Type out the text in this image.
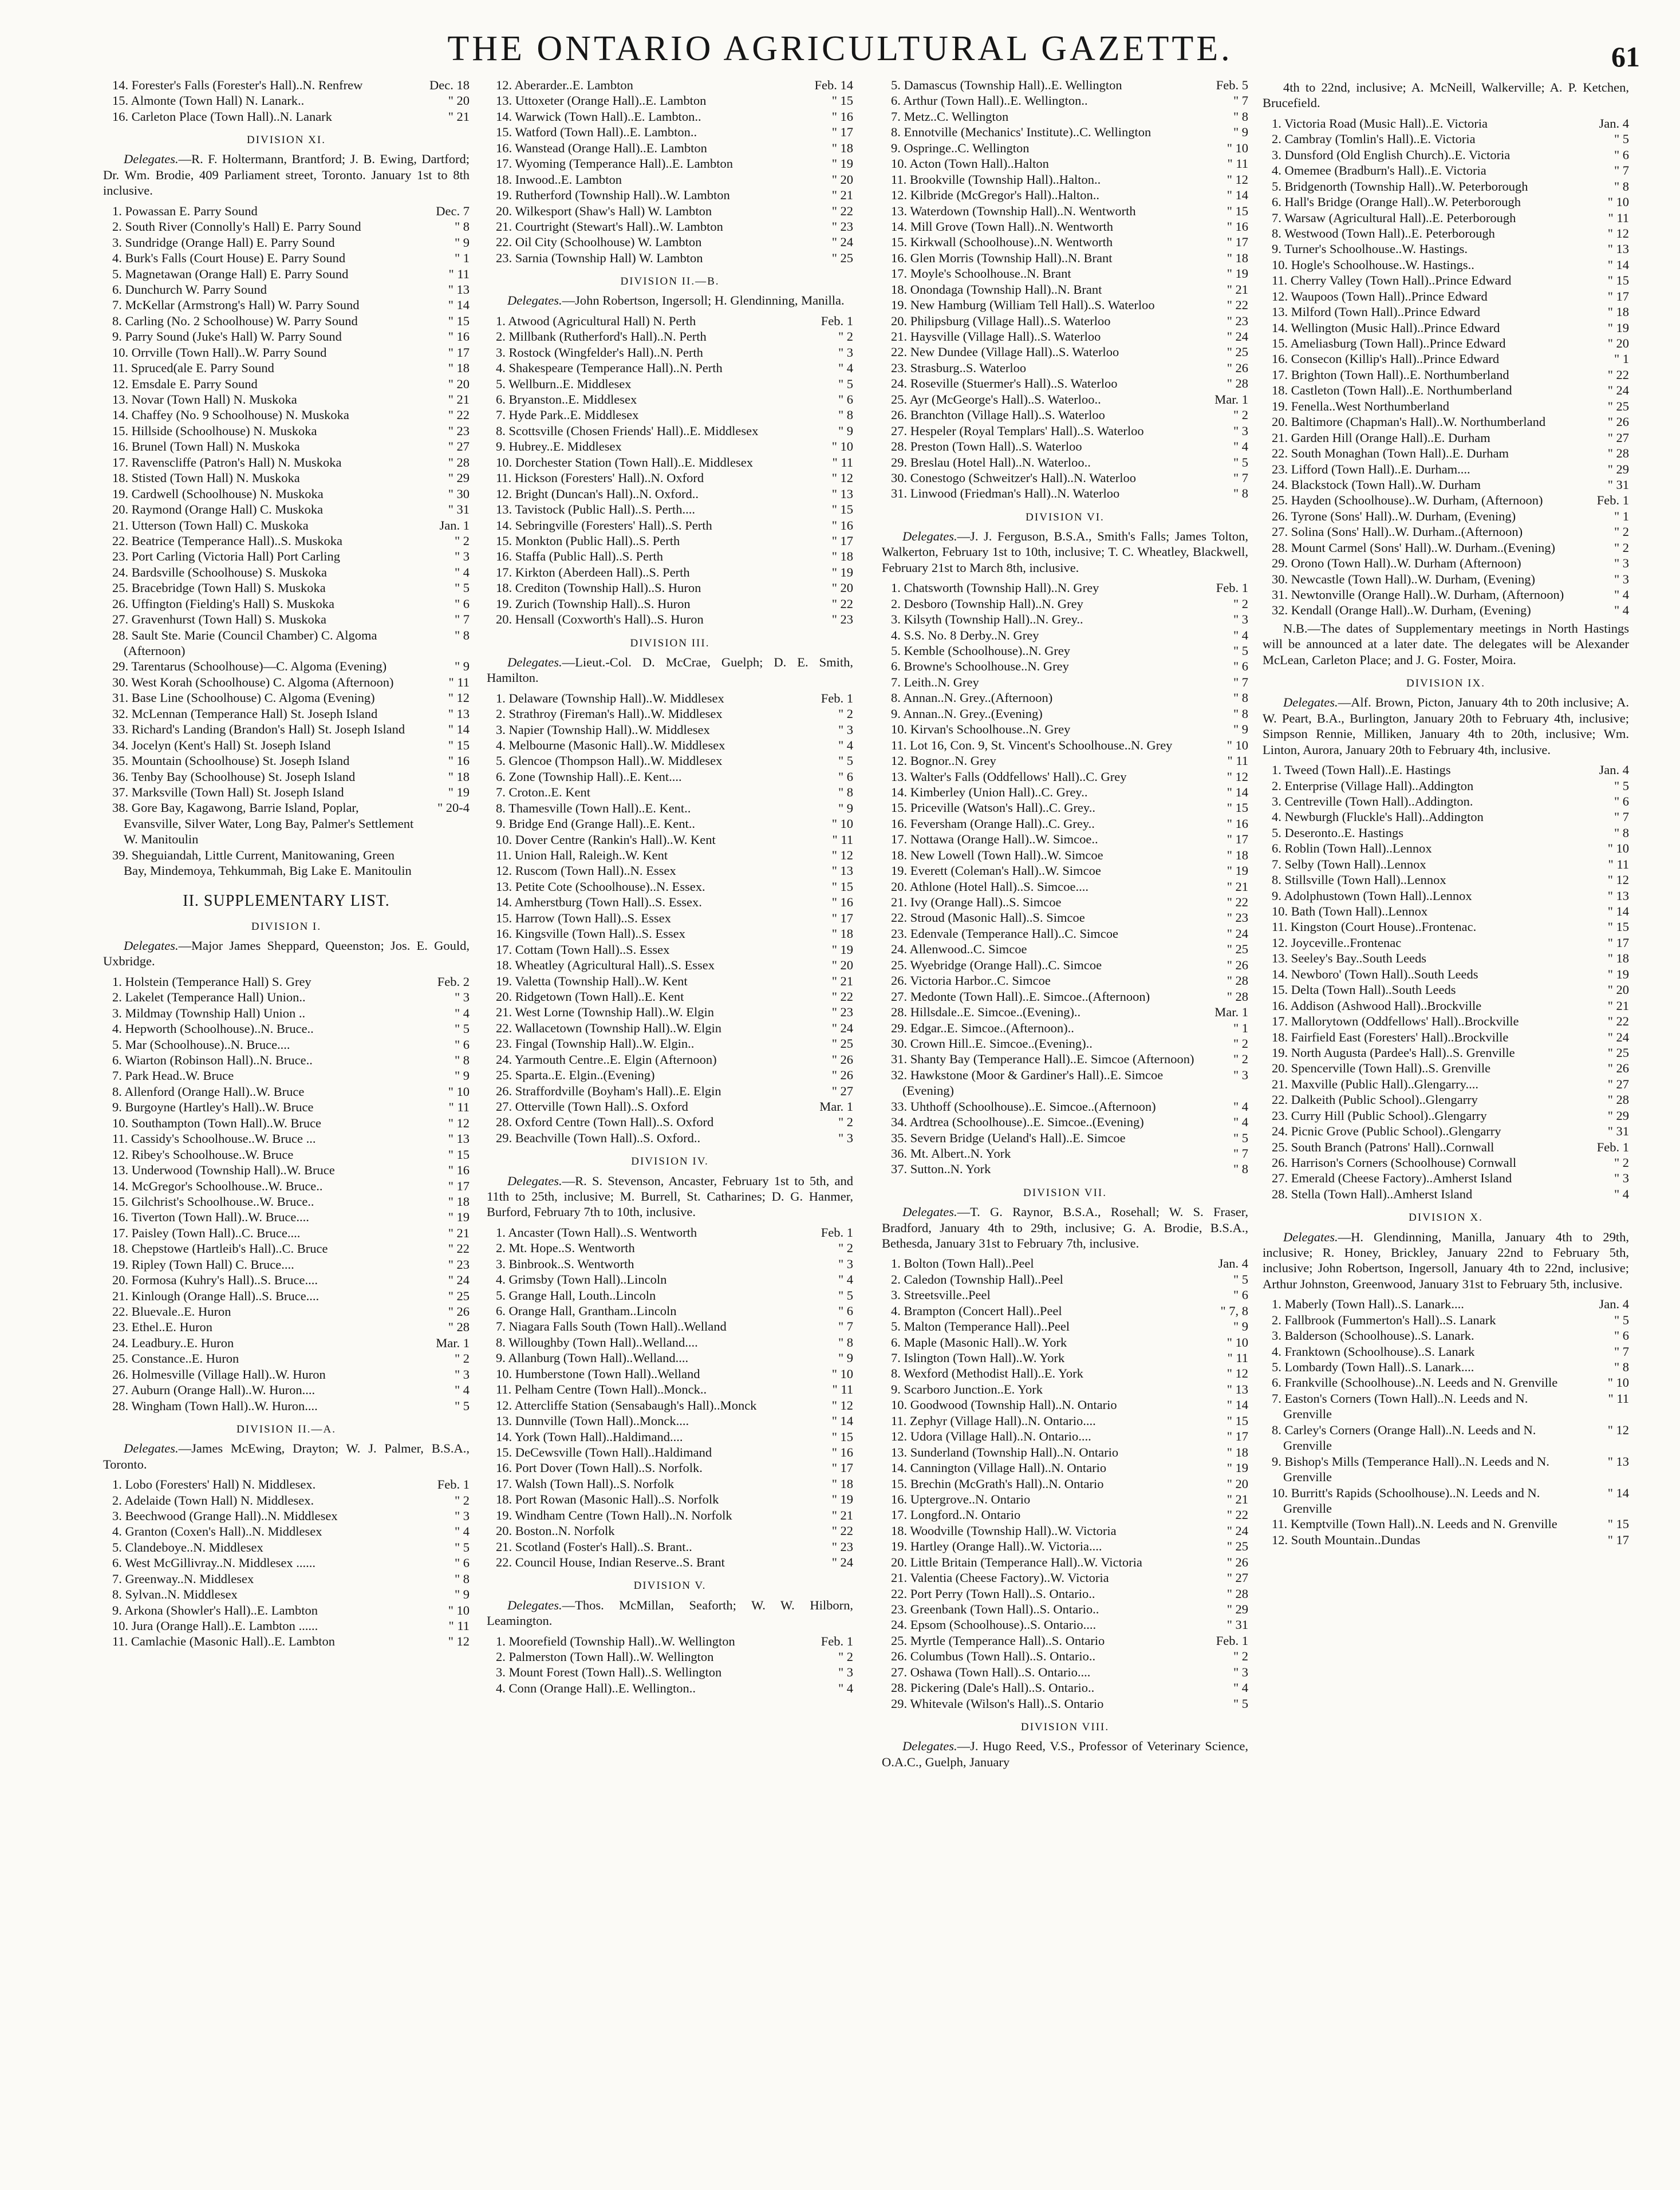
THE ONTARIO AGRICULTURAL GAZETTE.	61
14. Forester's Falls (Forester's Hall)..N. Renfrew	Dec. 18
15. Almonte (Town Hall) N. Lanark..	" 20
16. Carleton Place (Town Hall)..N. Lanark	" 21
DIVISION XI.
Delegates.—R. F. Holtermann, Brantford; J. B. Ewing, Dartford; Dr. Wm. Brodie, 409 Parliament street, Toronto. January 1st to 8th inclusive.
1. Powassan E. Parry Sound	Dec. 7
2. South River (Connolly's Hall) E. Parry Sound	" 8
3. Sundridge (Orange Hall) E. Parry Sound	" 9
4. Burk's Falls (Court House) E. Parry Sound	" 1
5. Magnetawan (Orange Hall) E. Parry Sound	" 11
6. Dunchurch W. Parry Sound	" 13
7. McKellar (Armstrong's Hall) W. Parry Sound	" 14
8. Carling (No. 2 Schoolhouse) W. Parry Sound	" 15
9. Parry Sound (Juke's Hall) W. Parry Sound	" 16
10. Orrville (Town Hall)..W. Parry Sound	" 17
11. Spruced(ale E. Parry Sound	" 18
12. Emsdale E. Parry Sound	" 20
13. Novar (Town Hall) N. Muskoka	" 21
14. Chaffey (No. 9 Schoolhouse) N. Muskoka	" 22
15. Hillside (Schoolhouse) N. Muskoka	" 23
16. Brunel (Town Hall) N. Muskoka	" 27
17. Ravenscliffe (Patron's Hall) N. Muskoka	" 28
18. Stisted (Town Hall) N. Muskoka	" 29
19. Cardwell (Schoolhouse) N. Muskoka	" 30
20. Raymond (Orange Hall) C. Muskoka	" 31
21. Utterson (Town Hall) C. Muskoka	Jan. 1
22. Beatrice (Temperance Hall)..S. Muskoka	" 2
23. Port Carling (Victoria Hall) Port Carling	" 3
24. Bardsville (Schoolhouse) S. Muskoka	" 4
25. Bracebridge (Town Hall) S. Muskoka	" 5
26. Uffington (Fielding's Hall) S. Muskoka	" 6
27. Gravenhurst (Town Hall) S. Muskoka	" 7
28. Sault Ste. Marie (Council Chamber) C. Algoma (Afternoon)
" 8
29. Tarentarus (Schoolhouse)—C. Algoma (Evening)	" 9
30. West Korah (Schoolhouse) C. Algoma (Afternoon)	" 11
31. Base Line (Schoolhouse) C. Algoma (Evening)	" 12
32. McLennan (Temperance Hall) St. Joseph Island	" 13
33. Richard's Landing (Brandon's Hall) St. Joseph Island	" 14
34. Jocelyn (Kent's Hall) St. Joseph Island	" 15
35. Mountain (Schoolhouse) St. Joseph Island	" 16
36. Tenby Bay (Schoolhouse) St. Joseph Island	" 18
37. Marksville (Town Hall) St. Joseph Island	" 19
38. Gore Bay, Kagawong, Barrie Island, Poplar, Evansville, Silver Water, Long Bay, Palmer's Settlement W. Manitoulin
" 20-4
39. Sheguiandah, Little Current, Manitowaning, Green Bay, Mindemoya, Tehkummah, Big Lake E. Manitoulin
II. SUPPLEMENTARY LIST.
DIVISION I.
Delegates.—Major James Sheppard, Queenston; Jos. E. Gould, Uxbridge.
1. Holstein (Temperance Hall) S. Grey	Feb. 2
2. Lakelet (Temperance Hall) Union..	" 3
3. Mildmay (Township Hall) Union ..	" 4
4. Hepworth (Schoolhouse)..N. Bruce..	" 5
5. Mar (Schoolhouse)..N. Bruce....	" 6
6. Wiarton (Robinson Hall)..N. Bruce..	" 8
7. Park Head..W. Bruce	" 9
8. Allenford (Orange Hall)..W. Bruce	" 10
9. Burgoyne (Hartley's Hall)..W. Bruce	" 11
10. Southampton (Town Hall)..W. Bruce	" 12
11. Cassidy's Schoolhouse..W. Bruce ...	" 13
12. Ribey's Schoolhouse..W. Bruce	" 15
13. Underwood (Township Hall)..W. Bruce	" 16
14. McGregor's Schoolhouse..W. Bruce..	" 17
15. Gilchrist's Schoolhouse..W. Bruce..	" 18
16. Tiverton (Town Hall)..W. Bruce....	" 19
17. Paisley (Town Hall)..C. Bruce....	" 21
18. Chepstowe (Hartleib's Hall)..C. Bruce	" 22
19. Ripley (Town Hall) C. Bruce....	" 23
20. Formosa (Kuhry's Hall)..S. Bruce....	" 24
21. Kinlough (Orange Hall)..S. Bruce....	" 25
22. Bluevale..E. Huron	" 26
23. Ethel..E. Huron	" 28
24. Leadbury..E. Huron	Mar. 1
25. Constance..E. Huron	" 2
26. Holmesville (Village Hall)..W. Huron	" 3
27. Auburn (Orange Hall)..W. Huron....	" 4
28. Wingham (Town Hall)..W. Huron....	" 5
DIVISION II.—A.
Delegates.—James McEwing, Drayton; W. J. Palmer, B.S.A., Toronto.
1. Lobo (Foresters' Hall) N. Middlesex.	Feb. 1
2. Adelaide (Town Hall) N. Middlesex.	" 2
3. Beechwood (Grange Hall)..N. Middlesex	" 3
4. Granton (Coxen's Hall)..N. Middlesex	" 4
5. Clandeboye..N. Middlesex	" 5
6. West McGillivray..N. Middlesex ......	" 6
7. Greenway..N. Middlesex	" 8
8. Sylvan..N. Middlesex	" 9
9. Arkona (Showler's Hall)..E. Lambton	" 10
10. Jura (Orange Hall)..E. Lambton ......	" 11
11. Camlachie (Masonic Hall)..E. Lambton	" 12
12. Aberarder..E. Lambton	Feb. 14
13. Uttoxeter (Orange Hall)..E. Lambton	" 15
14. Warwick (Town Hall)..E. Lambton..	" 16
15. Watford (Town Hall)..E. Lambton..	" 17
16. Wanstead (Orange Hall)..E. Lambton	" 18
17. Wyoming (Temperance Hall)..E. Lambton	" 19
18. Inwood..E. Lambton	" 20
19. Rutherford (Township Hall)..W. Lambton	" 21
20. Wilkesport (Shaw's Hall) W. Lambton	" 22
21. Courtright (Stewart's Hall)..W. Lambton	" 23
22. Oil City (Schoolhouse) W. Lambton	" 24
23. Sarnia (Township Hall) W. Lambton	" 25
DIVISION II.—B.
Delegates.—John Robertson, Ingersoll; H. Glendinning, Manilla.
1. Atwood (Agricultural Hall) N. Perth	Feb. 1
2. Millbank (Rutherford's Hall)..N. Perth	" 2
3. Rostock (Wingfelder's Hall)..N. Perth	" 3
4. Shakespeare (Temperance Hall)..N. Perth	" 4
5. Wellburn..E. Middlesex	" 5
6. Bryanston..E. Middlesex	" 6
7. Hyde Park..E. Middlesex	" 8
8. Scottsville (Chosen Friends' Hall)..E. Middlesex	" 9
9. Hubrey..E. Middlesex	" 10
10. Dorchester Station (Town Hall)..E. Middlesex	" 11
11. Hickson (Foresters' Hall)..N. Oxford	" 12
12. Bright (Duncan's Hall)..N. Oxford..	" 13
13. Tavistock (Public Hall)..S. Perth....	" 15
14. Sebringville (Foresters' Hall)..S. Perth	" 16
15. Monkton (Public Hall)..S. Perth	" 17
16. Staffa (Public Hall)..S. Perth	" 18
17. Kirkton (Aberdeen Hall)..S. Perth	" 19
18. Crediton (Township Hall)..S. Huron	" 20
19. Zurich (Township Hall)..S. Huron	" 22
20. Hensall (Coxworth's Hall)..S. Huron	" 23
DIVISION III.
Delegates.—Lieut.-Col. D. McCrae, Guelph; D. E. Smith, Hamilton.
1. Delaware (Township Hall)..W. Middlesex	Feb. 1
2. Strathroy (Fireman's Hall)..W. Middlesex	" 2
3. Napier (Township Hall)..W. Middlesex	" 3
4. Melbourne (Masonic Hall)..W. Middlesex	" 4
5. Glencoe (Thompson Hall)..W. Middlesex	" 5
6. Zone (Township Hall)..E. Kent....	" 6
7. Croton..E. Kent	" 8
8. Thamesville (Town Hall)..E. Kent..	" 9
9. Bridge End (Grange Hall)..E. Kent..	" 10
10. Dover Centre (Rankin's Hall)..W. Kent	" 11
11. Union Hall, Raleigh..W. Kent	" 12
12. Ruscom (Town Hall)..N. Essex	" 13
13. Petite Cote (Schoolhouse)..N. Essex.	" 15
14. Amherstburg (Town Hall)..S. Essex.	" 16
15. Harrow (Town Hall)..S. Essex	" 17
16. Kingsville (Town Hall)..S. Essex	" 18
17. Cottam (Town Hall)..S. Essex	" 19
18. Wheatley (Agricultural Hall)..S. Essex	" 20
19. Valetta (Township Hall)..W. Kent	" 21
20. Ridgetown (Town Hall)..E. Kent	" 22
21. West Lorne (Township Hall)..W. Elgin	" 23
22. Wallacetown (Township Hall)..W. Elgin	" 24
23. Fingal (Township Hall)..W. Elgin..	" 25
24. Yarmouth Centre..E. Elgin (Afternoon)	" 26
25. Sparta..E. Elgin..(Evening)	" 26
26. Straffordville (Boyham's Hall)..E. Elgin	" 27
27. Otterville (Town Hall)..S. Oxford	Mar. 1
28. Oxford Centre (Town Hall)..S. Oxford	" 2
29. Beachville (Town Hall)..S. Oxford..	" 3
DIVISION IV.
Delegates.—R. S. Stevenson, Ancaster, February 1st to 5th, and 11th to 25th, inclusive; M. Burrell, St. Catharines; D. G. Hanmer, Burford, February 7th to 10th, inclusive.
1. Ancaster (Town Hall)..S. Wentworth	Feb. 1
2. Mt. Hope..S. Wentworth	" 2
3. Binbrook..S. Wentworth	" 3
4. Grimsby (Town Hall)..Lincoln	" 4
5. Grange Hall, Louth..Lincoln	" 5
6. Orange Hall, Grantham..Lincoln	" 6
7. Niagara Falls South (Town Hall)..Welland	" 7
8. Willoughby (Town Hall)..Welland....	" 8
9. Allanburg (Town Hall)..Welland....	" 9
10. Humberstone (Town Hall)..Welland	" 10
11. Pelham Centre (Town Hall)..Monck..	" 11
12. Attercliffe Station (Sensabaugh's Hall)..Monck	" 12
13. Dunnville (Town Hall)..Monck....	" 14
14. York (Town Hall)..Haldimand....	" 15
15. DeCewsville (Town Hall)..Haldimand	" 16
16. Port Dover (Town Hall)..S. Norfolk.	" 17
17. Walsh (Town Hall)..S. Norfolk	" 18
18. Port Rowan (Masonic Hall)..S. Norfolk	" 19
19. Windham Centre (Town Hall)..N. Norfolk	" 21
20. Boston..N. Norfolk	" 22
21. Scotland (Foster's Hall)..S. Brant..	" 23
22. Council House, Indian Reserve..S. Brant	" 24
DIVISION V.
Delegates.—Thos. McMillan, Seaforth; W. W. Hilborn, Leamington.
1. Moorefield (Township Hall)..W. Wellington	Feb. 1
2. Palmerston (Town Hall)..W. Wellington	" 2
3. Mount Forest (Town Hall)..S. Wellington	" 3
4. Conn (Orange Hall)..E. Wellington..	" 4
5. Damascus (Township Hall)..E. Wellington	Feb. 5
6. Arthur (Town Hall)..E. Wellington..	" 7
7. Metz..C. Wellington	" 8
8. Ennotville (Mechanics' Institute)..C. Wellington	" 9
9. Ospringe..C. Wellington	" 10
10. Acton (Town Hall)..Halton	" 11
11. Brookville (Township Hall)..Halton..	" 12
12. Kilbride (McGregor's Hall)..Halton..	" 14
13. Waterdown (Township Hall)..N. Wentworth	" 15
14. Mill Grove (Town Hall)..N. Wentworth	" 16
15. Kirkwall (Schoolhouse)..N. Wentworth	" 17
16. Glen Morris (Township Hall)..N. Brant	" 18
17. Moyle's Schoolhouse..N. Brant	" 19
18. Onondaga (Township Hall)..N. Brant	" 21
19. New Hamburg (William Tell Hall)..S. Waterloo	" 22
20. Philipsburg (Village Hall)..S. Waterloo	" 23
21. Haysville (Village Hall)..S. Waterloo	" 24
22. New Dundee (Village Hall)..S. Waterloo	" 25
23. Strasburg..S. Waterloo	" 26
24. Roseville (Stuermer's Hall)..S. Waterloo	" 28
25. Ayr (McGeorge's Hall)..S. Waterloo..	Mar. 1
26. Branchton (Village Hall)..S. Waterloo	" 2
27. Hespeler (Royal Templars' Hall)..S. Waterloo	" 3
28. Preston (Town Hall)..S. Waterloo	" 4
29. Breslau (Hotel Hall)..N. Waterloo..	" 5
30. Conestogo (Schweitzer's Hall)..N. Waterloo	" 7
31. Linwood (Friedman's Hall)..N. Waterloo	" 8
DIVISION VI.
Delegates.—J. J. Ferguson, B.S.A., Smith's Falls; James Tolton, Walkerton, February 1st to 10th, inclusive; T. C. Wheatley, Blackwell, February 21st to March 8th, inclusive.
1. Chatsworth (Township Hall)..N. Grey	Feb. 1
2. Desboro (Township Hall)..N. Grey	" 2
3. Kilsyth (Township Hall)..N. Grey..	" 3
4. S.S. No. 8 Derby..N. Grey	" 4
5. Kemble (Schoolhouse)..N. Grey	" 5
6. Browne's Schoolhouse..N. Grey	" 6
7. Leith..N. Grey	" 7
8. Annan..N. Grey..(Afternoon)	" 8
9. Annan..N. Grey..(Evening)	" 8
10. Kirvan's Schoolhouse..N. Grey	" 9
11. Lot 16, Con. 9, St. Vincent's Schoolhouse..N. Grey	" 10
12. Bognor..N. Grey	" 11
13. Walter's Falls (Oddfellows' Hall)..C. Grey	" 12
14. Kimberley (Union Hall)..C. Grey..	" 14
15. Priceville (Watson's Hall)..C. Grey..	" 15
16. Feversham (Orange Hall)..C. Grey..	" 16
17. Nottawa (Orange Hall)..W. Simcoe..	" 17
18. New Lowell (Town Hall)..W. Simcoe	" 18
19. Everett (Coleman's Hall)..W. Simcoe	" 19
20. Athlone (Hotel Hall)..S. Simcoe....	" 21
21. Ivy (Orange Hall)..S. Simcoe	" 22
22. Stroud (Masonic Hall)..S. Simcoe	" 23
23. Edenvale (Temperance Hall)..C. Simcoe	" 24
24. Allenwood..C. Simcoe	" 25
25. Wyebridge (Orange Hall)..C. Simcoe	" 26
26. Victoria Harbor..C. Simcoe	" 28
27. Medonte (Town Hall)..E. Simcoe..(Afternoon)	" 28
28. Hillsdale..E. Simcoe..(Evening)..	Mar. 1
29. Edgar..E. Simcoe..(Afternoon)..	" 1
30. Crown Hill..E. Simcoe..(Evening)..	" 2
31. Shanty Bay (Temperance Hall)..E. Simcoe (Afternoon)	" 2
32. Hawkstone (Moor & Gardiner's Hall)..E. Simcoe (Evening)
" 3
33. Uhthoff (Schoolhouse)..E. Simcoe..(Afternoon)	" 4
34. Ardtrea (Schoolhouse)..E. Simcoe..(Evening)	" 4
35. Severn Bridge (Ueland's Hall)..E. Simcoe	" 5
36. Mt. Albert..N. York	" 7
37. Sutton..N. York	" 8
DIVISION VII.
Delegates.—T. G. Raynor, B.S.A., Rosehall; W. S. Fraser, Bradford, January 4th to 29th, inclusive; G. A. Brodie, B.S.A., Bethesda, January 31st to February 7th, inclusive.
1. Bolton (Town Hall)..Peel	Jan. 4
2. Caledon (Township Hall)..Peel	" 5
3. Streetsville..Peel	" 6
4. Brampton (Concert Hall)..Peel	" 7, 8
5. Malton (Temperance Hall)..Peel	" 9
6. Maple (Masonic Hall)..W. York	" 10
7. Islington (Town Hall)..W. York	" 11
8. Wexford (Methodist Hall)..E. York	" 12
9. Scarboro Junction..E. York	" 13
10. Goodwood (Township Hall)..N. Ontario	" 14
11. Zephyr (Village Hall)..N. Ontario....	" 15
12. Udora (Village Hall)..N. Ontario....	" 17
13. Sunderland (Township Hall)..N. Ontario	" 18
14. Cannington (Village Hall)..N. Ontario	" 19
15. Brechin (McGrath's Hall)..N. Ontario	" 20
16. Uptergrove..N. Ontario	" 21
17. Longford..N. Ontario	" 22
18. Woodville (Township Hall)..W. Victoria	" 24
19. Hartley (Orange Hall)..W. Victoria....	" 25
20. Little Britain (Temperance Hall)..W. Victoria	" 26
21. Valentia (Cheese Factory)..W. Victoria	" 27
22. Port Perry (Town Hall)..S. Ontario..	" 28
23. Greenbank (Town Hall)..S. Ontario..	" 29
24. Epsom (Schoolhouse)..S. Ontario....	" 31
25. Myrtle (Temperance Hall)..S. Ontario	Feb. 1
26. Columbus (Town Hall)..S. Ontario..	" 2
27. Oshawa (Town Hall)..S. Ontario....	" 3
28. Pickering (Dale's Hall)..S. Ontario..	" 4
29. Whitevale (Wilson's Hall)..S. Ontario	" 5
DIVISION VIII.
Delegates.—J. Hugo Reed, V.S., Professor of Veterinary Science, O.A.C., Guelph, January
4th to 22nd, inclusive; A. McNeill, Walkerville; A. P. Ketchen, Brucefield.
1. Victoria Road (Music Hall)..E. Victoria	Jan. 4
2. Cambray (Tomlin's Hall)..E. Victoria	" 5
3. Dunsford (Old English Church)..E. Victoria	" 6
4. Omemee (Bradburn's Hall)..E. Victoria	" 7
5. Bridgenorth (Township Hall)..W. Peterborough	" 8
6. Hall's Bridge (Orange Hall)..W. Peterborough	" 10
7. Warsaw (Agricultural Hall)..E. Peterborough	" 11
8. Westwood (Town Hall)..E. Peterborough	" 12
9. Turner's Schoolhouse..W. Hastings.	" 13
10. Hogle's Schoolhouse..W. Hastings..	" 14
11. Cherry Valley (Town Hall)..Prince Edward	" 15
12. Waupoos (Town Hall)..Prince Edward	" 17
13. Milford (Town Hall)..Prince Edward	" 18
14. Wellington (Music Hall)..Prince Edward	" 19
15. Ameliasburg (Town Hall)..Prince Edward	" 20
16. Consecon (Killip's Hall)..Prince Edward	" 1
17. Brighton (Town Hall)..E. Northumberland	" 22
18. Castleton (Town Hall)..E. Northumberland	" 24
19. Fenella..West Northumberland	" 25
20. Baltimore (Chapman's Hall)..W. Northumberland	" 26
21. Garden Hill (Orange Hall)..E. Durham	" 27
22. South Monaghan (Town Hall)..E. Durham	" 28
23. Lifford (Town Hall)..E. Durham....	" 29
24. Blackstock (Town Hall)..W. Durham	" 31
25. Hayden (Schoolhouse)..W. Durham, (Afternoon)	Feb. 1
26. Tyrone (Sons' Hall)..W. Durham, (Evening)	" 1
27. Solina (Sons' Hall)..W. Durham..(Afternoon)	" 2
28. Mount Carmel (Sons' Hall)..W. Durham..(Evening)	" 2
29. Orono (Town Hall)..W. Durham (Afternoon)	" 3
30. Newcastle (Town Hall)..W. Durham, (Evening)	" 3
31. Newtonville (Orange Hall)..W. Durham, (Afternoon)	" 4
32. Kendall (Orange Hall)..W. Durham, (Evening)	" 4
N.B.—The dates of Supplementary meetings in North Hastings will be announced at a later date. The delegates will be Alexander McLean, Carleton Place; and J. G. Foster, Moira.
DIVISION IX.
Delegates.—Alf. Brown, Picton, January 4th to 20th inclusive; A. W. Peart, B.A., Burlington, January 20th to February 4th, inclusive; Simpson Rennie, Milliken, January 4th to 20th, inclusive; Wm. Linton, Aurora, January 20th to February 4th, inclusive.
1. Tweed (Town Hall)..E. Hastings	Jan. 4
2. Enterprise (Village Hall)..Addington	" 5
3. Centreville (Town Hall)..Addington.	" 6
4. Newburgh (Fluckle's Hall)..Addington	" 7
5. Deseronto..E. Hastings	" 8
6. Roblin (Town Hall)..Lennox	" 10
7. Selby (Town Hall)..Lennox	" 11
8. Stillsville (Town Hall)..Lennox	" 12
9. Adolphustown (Town Hall)..Lennox	" 13
10. Bath (Town Hall)..Lennox	" 14
11. Kingston (Court House)..Frontenac.	" 15
12. Joyceville..Frontenac	" 17
13. Seeley's Bay..South Leeds	" 18
14. Newboro' (Town Hall)..South Leeds	" 19
15. Delta (Town Hall)..South Leeds	" 20
16. Addison (Ashwood Hall)..Brockville	" 21
17. Mallorytown (Oddfellows' Hall)..Brockville	" 22
18. Fairfield East (Foresters' Hall)..Brockville	" 24
19. North Augusta (Pardee's Hall)..S. Grenville	" 25
20. Spencerville (Town Hall)..S. Grenville	" 26
21. Maxville (Public Hall)..Glengarry....	" 27
22. Dalkeith (Public School)..Glengarry	" 28
23. Curry Hill (Public School)..Glengarry	" 29
24. Picnic Grove (Public School)..Glengarry	" 31
25. South Branch (Patrons' Hall)..Cornwall	Feb. 1
26. Harrison's Corners (Schoolhouse) Cornwall	" 2
27. Emerald (Cheese Factory)..Amherst Island	" 3
28. Stella (Town Hall)..Amherst Island	" 4
DIVISION X.
Delegates.—H. Glendinning, Manilla, January 4th to 29th, inclusive; R. Honey, Brickley, January 22nd to February 5th, inclusive; John Robertson, Ingersoll, January 4th to 22nd, inclusive; Arthur Johnston, Greenwood, January 31st to February 5th, inclusive.
1. Maberly (Town Hall)..S. Lanark....	Jan. 4
2. Fallbrook (Fummerton's Hall)..S. Lanark	" 5
3. Balderson (Schoolhouse)..S. Lanark.	" 6
4. Franktown (Schoolhouse)..S. Lanark	" 7
5. Lombardy (Town Hall)..S. Lanark....	" 8
6. Frankville (Schoolhouse)..N. Leeds and N. Grenville	" 10
7. Easton's Corners (Town Hall)..N. Leeds and N. Grenville
" 11
8. Carley's Corners (Orange Hall)..N. Leeds and N. Grenville
" 12
9. Bishop's Mills (Temperance Hall)..N. Leeds and N. Grenville
" 13
10. Burritt's Rapids (Schoolhouse)..N. Leeds and N. Grenville
" 14
11. Kemptville (Town Hall)..N. Leeds and N. Grenville	" 15
12. South Mountain..Dundas	" 17
